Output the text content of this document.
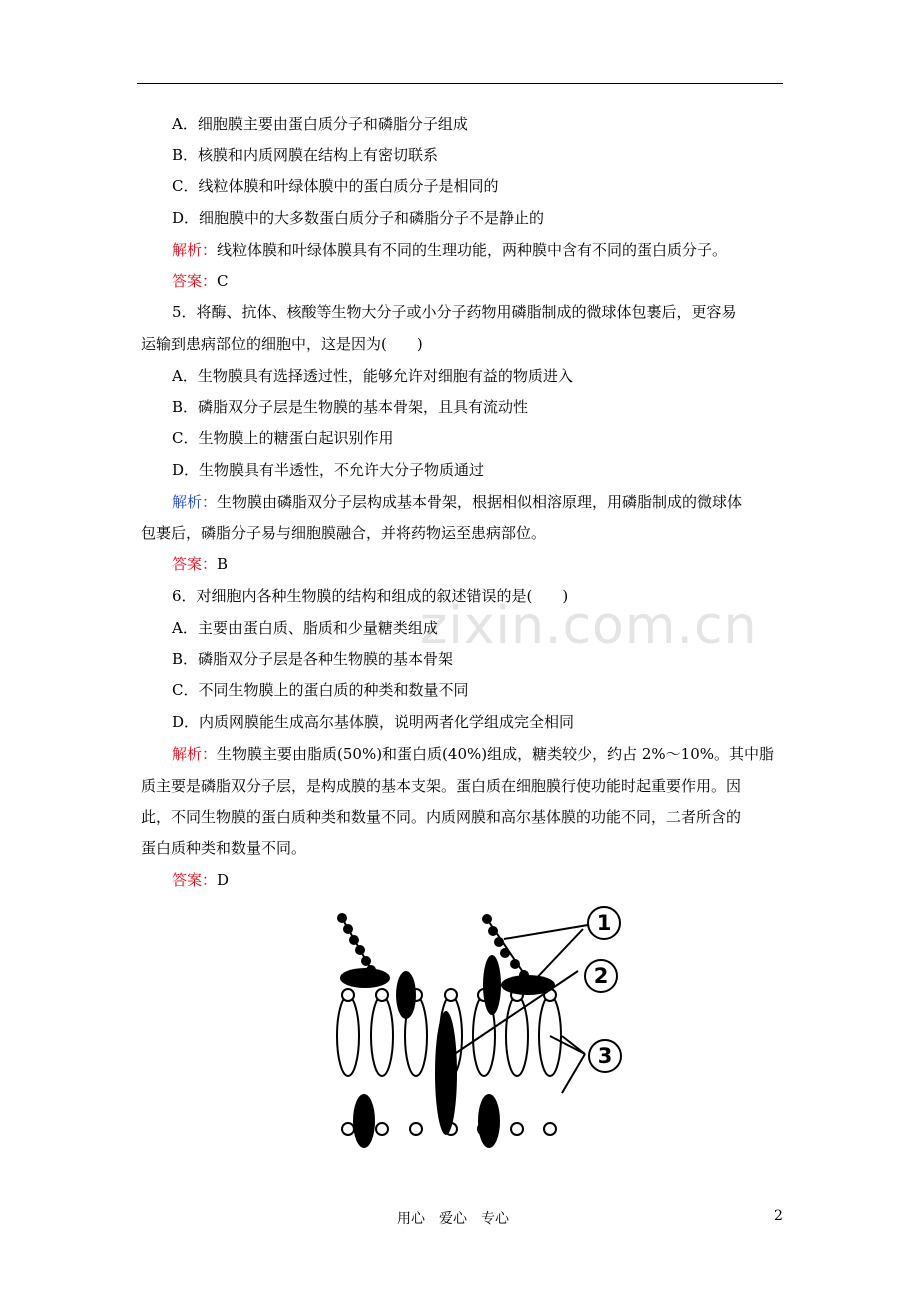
zixin.com.cn
A．细胞膜主要由蛋白质分子和磷脂分子组成
B．核膜和内质网膜在结构上有密切联系
C．线粒体膜和叶绿体膜中的蛋白质分子是相同的
D．细胞膜中的大多数蛋白质分子和磷脂分子不是静止的
解析：线粒体膜和叶绿体膜具有不同的生理功能，两种膜中含有不同的蛋白质分子。
答案：C
5．将酶、抗体、核酸等生物大分子或小分子药物用磷脂制成的微球体包裹后，更容易
运输到患病部位的细胞中，这是因为(　　)
A．生物膜具有选择透过性，能够允许对细胞有益的物质进入
B．磷脂双分子层是生物膜的基本骨架，且具有流动性
C．生物膜上的糖蛋白起识别作用
D．生物膜具有半透性，不允许大分子物质通过
解析：生物膜由磷脂双分子层构成基本骨架，根据相似相溶原理，用磷脂制成的微球体
包裹后，磷脂分子易与细胞膜融合，并将药物运至患病部位。
答案：B
6．对细胞内各种生物膜的结构和组成的叙述错误的是(　　)
A．主要由蛋白质、脂质和少量糖类组成
B．磷脂双分子层是各种生物膜的基本骨架
C．不同生物膜上的蛋白质的种类和数量不同
D．内质网膜能生成高尔基体膜，说明两者化学组成完全相同
解析：生物膜主要由脂质(50%)和蛋白质(40%)组成，糖类较少，约占 2%～10%。其中脂
质主要是磷脂双分子层，是构成膜的基本支架。蛋白质在细胞膜行使功能时起重要作用。因
此，不同生物膜的蛋白质种类和数量不同。内质网膜和高尔基体膜的功能不同，二者所含的
蛋白质种类和数量不同。
答案：D
1
2
3
用心　爱心　专心	2
